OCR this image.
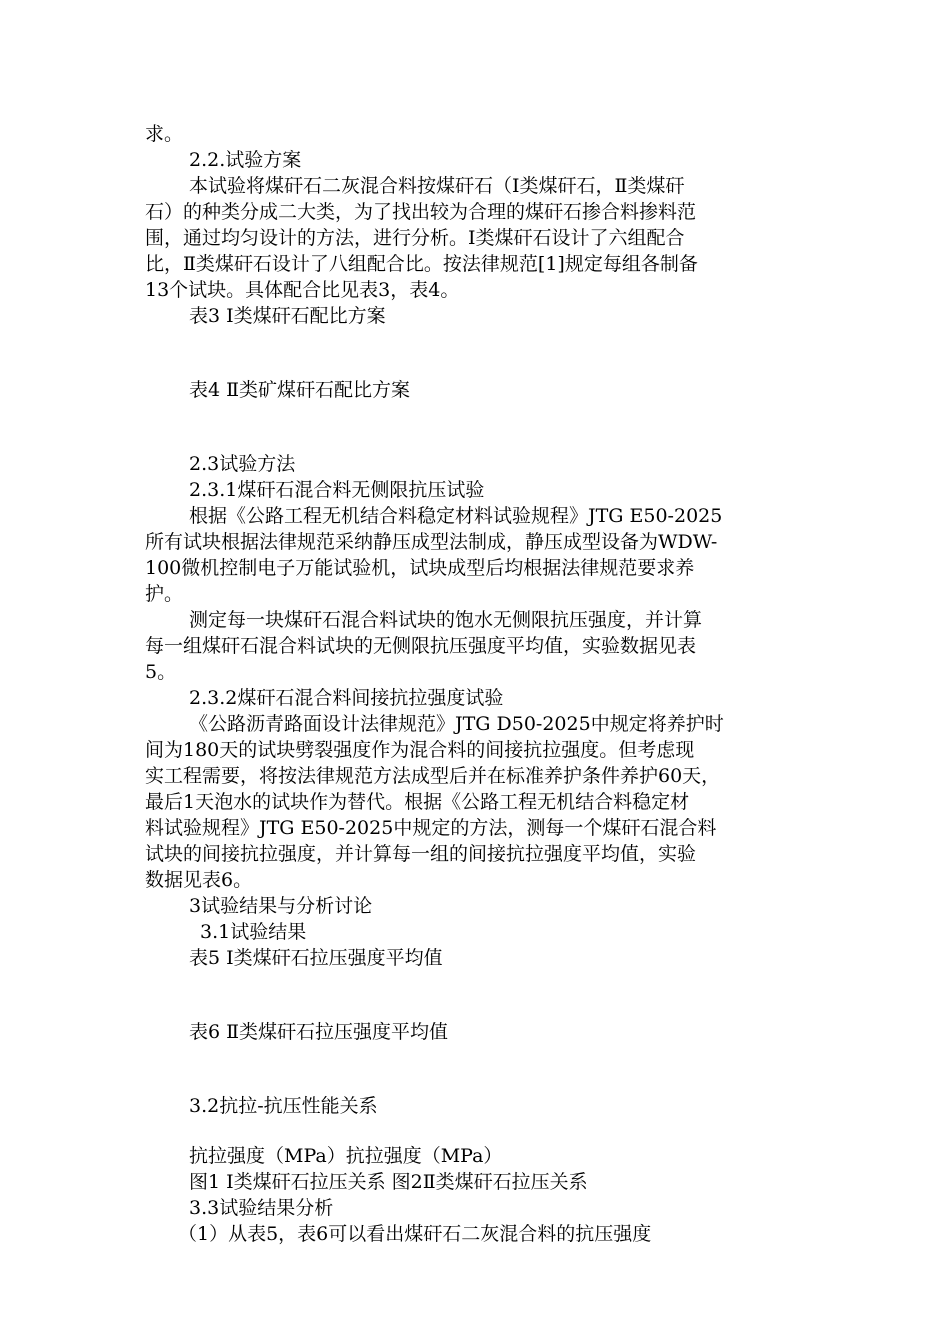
求。
2.2.试验方案
本试验将煤矸石二灰混合料按煤矸石（Ⅰ类煤矸石，Ⅱ类煤矸
石）的种类分成二大类，为了找出较为合理的煤矸石掺合料掺料范
围，通过均匀设计的方法，进行分析。Ⅰ类煤矸石设计了六组配合
比，Ⅱ类煤矸石设计了八组配合比。按法律规范[1]规定每组各制备
13个试块。具体配合比见表3，表4。
表3 Ⅰ类煤矸石配比方案
表4 Ⅱ类矿煤矸石配比方案
2.3试验方法
2.3.1煤矸石混合料无侧限抗压试验
根据《公路工程无机结合料稳定材料试验规程》JTG E50-2025
所有试块根据法律规范采纳静压成型法制成，静压成型设备为WDW-
100微机控制电子万能试验机，试块成型后均根据法律规范要求养
护。
测定每一块煤矸石混合料试块的饱水无侧限抗压强度，并计算
每一组煤矸石混合料试块的无侧限抗压强度平均值，实验数据见表
5。
2.3.2煤矸石混合料间接抗拉强度试验
《公路沥青路面设计法律规范》JTG D50-2025中规定将养护时
间为180天的试块劈裂强度作为混合料的间接抗拉强度。但考虑现
实工程需要，将按法律规范方法成型后并在标准养护条件养护60天，
最后1天泡水的试块作为替代。根据《公路工程无机结合料稳定材
料试验规程》JTG E50-2025中规定的方法，测每一个煤矸石混合料
试块的间接抗拉强度，并计算每一组的间接抗拉强度平均值，实验
数据见表6。
3试验结果与分析讨论
3.1试验结果
表5 Ⅰ类煤矸石拉压强度平均值
表6 Ⅱ类煤矸石拉压强度平均值
3.2抗拉-抗压性能关系
抗拉强度（MPa）抗拉强度（MPa）
图1 Ⅰ类煤矸石拉压关系 图2Ⅱ类煤矸石拉压关系
3.3试验结果分析
（1）从表5，表6可以看出煤矸石二灰混合料的抗压强度
